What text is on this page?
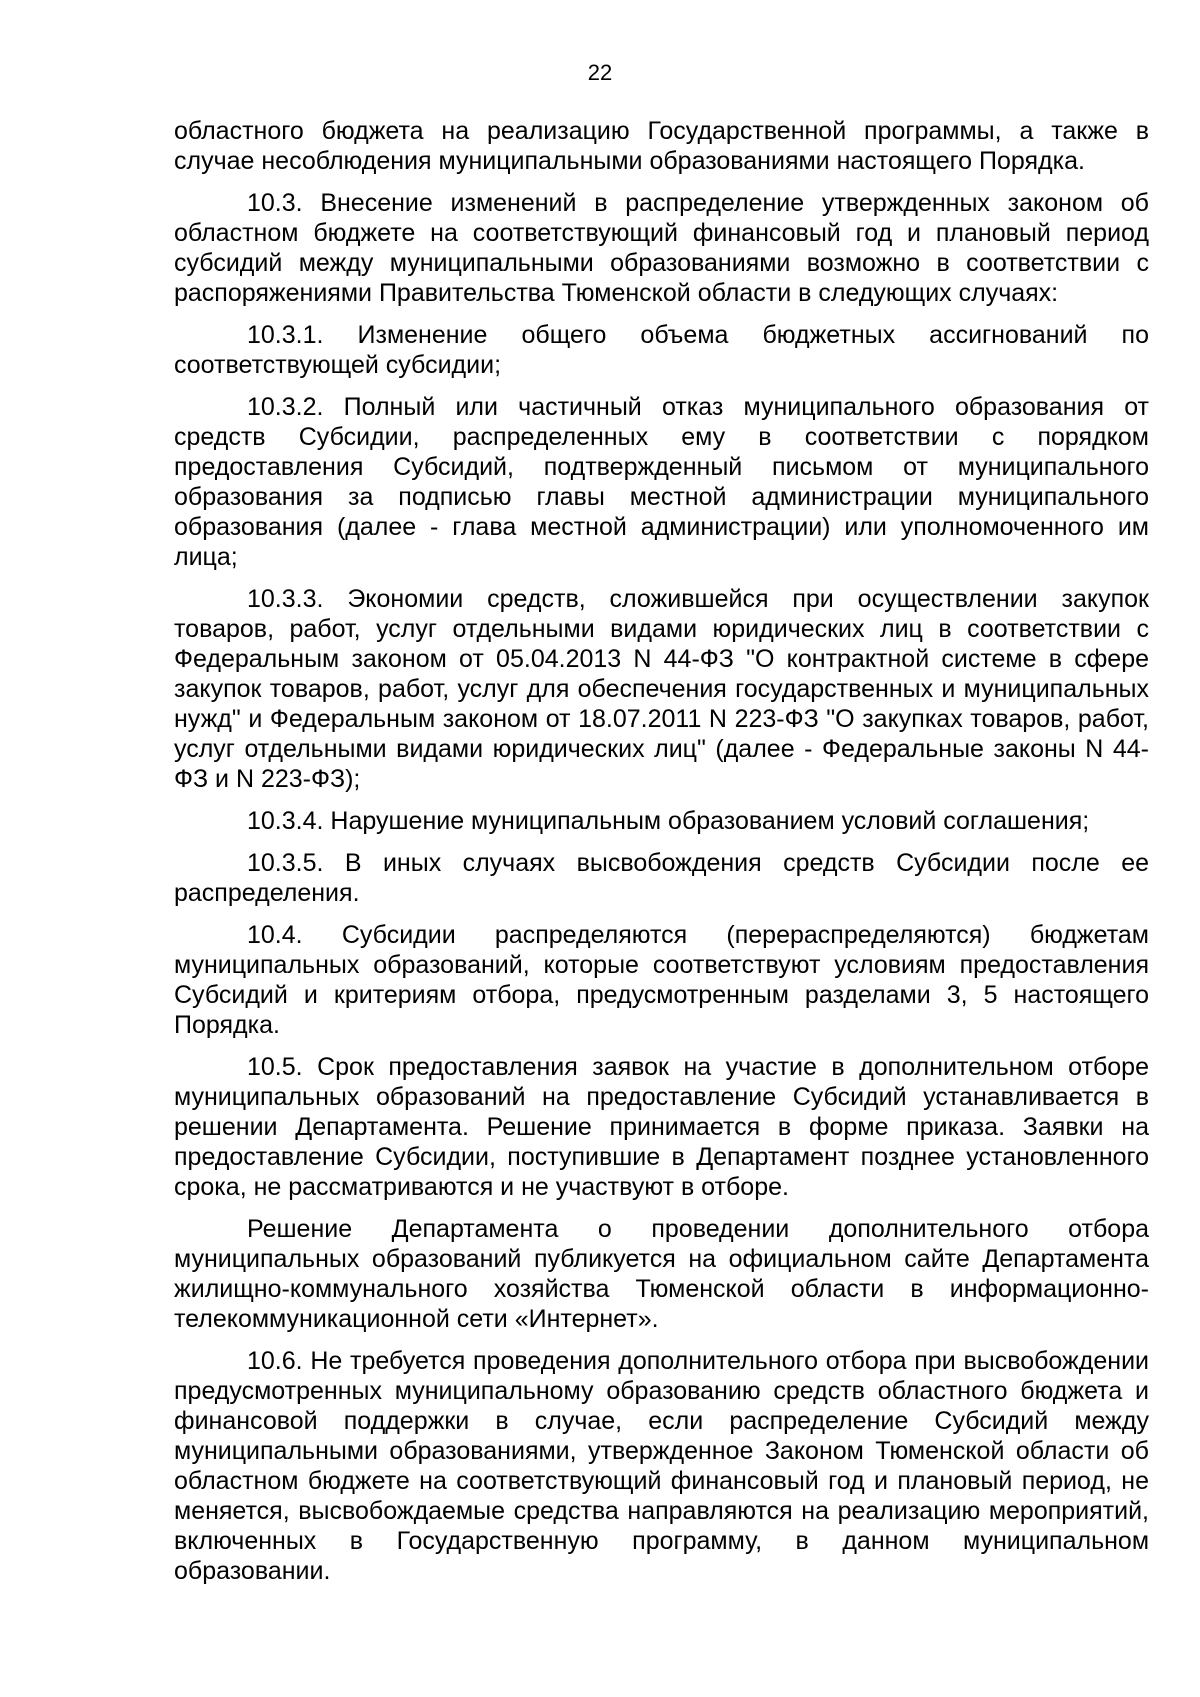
22

областного бюджета на реализацию Государственной программы, а также в случае несоблюдения муниципальными образованиями настоящего Порядка.

10.3. Внесение изменений в распределение утвержденных законом об областном бюджете на соответствующий финансовый год и плановый период субсидий между муниципальными образованиями возможно в соответствии с распоряжениями Правительства Тюменской области в следующих случаях:

10.3.1. Изменение общего объема бюджетных ассигнований по соответствующей субсидии;

10.3.2. Полный или частичный отказ муниципального образования от средств Субсидии, распределенных ему в соответствии с порядком предоставления Субсидий, подтвержденный письмом от муниципального образования за подписью главы местной администрации муниципального образования (далее - глава местной администрации) или уполномоченного им лица;

10.3.3. Экономии средств, сложившейся при осуществлении закупок товаров, работ, услуг отдельными видами юридических лиц в соответствии с Федеральным законом от 05.04.2013 N 44-ФЗ "О контрактной системе в сфере закупок товаров, работ, услуг для обеспечения государственных и муниципальных нужд" и Федеральным законом от 18.07.2011 N 223-ФЗ "О закупках товаров, работ, услуг отдельными видами юридических лиц" (далее - Федеральные законы N 44-ФЗ и N 223-ФЗ);

10.3.4. Нарушение муниципальным образованием условий соглашения;

10.3.5. В иных случаях высвобождения средств Субсидии после ее распределения.

10.4. Субсидии распределяются (перераспределяются) бюджетам муниципальных образований, которые соответствуют условиям предоставления Субсидий и критериям отбора, предусмотренным разделами 3, 5 настоящего Порядка.

10.5. Срок предоставления заявок на участие в дополнительном отборе муниципальных образований на предоставление Субсидий устанавливается в решении Департамента. Решение принимается в форме приказа. Заявки на предоставление Субсидии, поступившие в Департамент позднее установленного срока, не рассматриваются и не участвуют в отборе.

Решение Департамента о проведении дополнительного отбора муниципальных образований публикуется на официальном сайте Департамента жилищно-коммунального хозяйства Тюменской области в информационно-телекоммуникационной сети «Интернет».

10.6. Не требуется проведения дополнительного отбора при высвобождении предусмотренных муниципальному образованию средств областного бюджета и финансовой поддержки в случае, если распределение Субсидий между муниципальными образованиями, утвержденное Законом Тюменской области об областном бюджете на соответствующий финансовый год и плановый период, не меняется, высвобождаемые средства направляются на реализацию мероприятий, включенных в Государственную программу, в данном муниципальном образовании.
